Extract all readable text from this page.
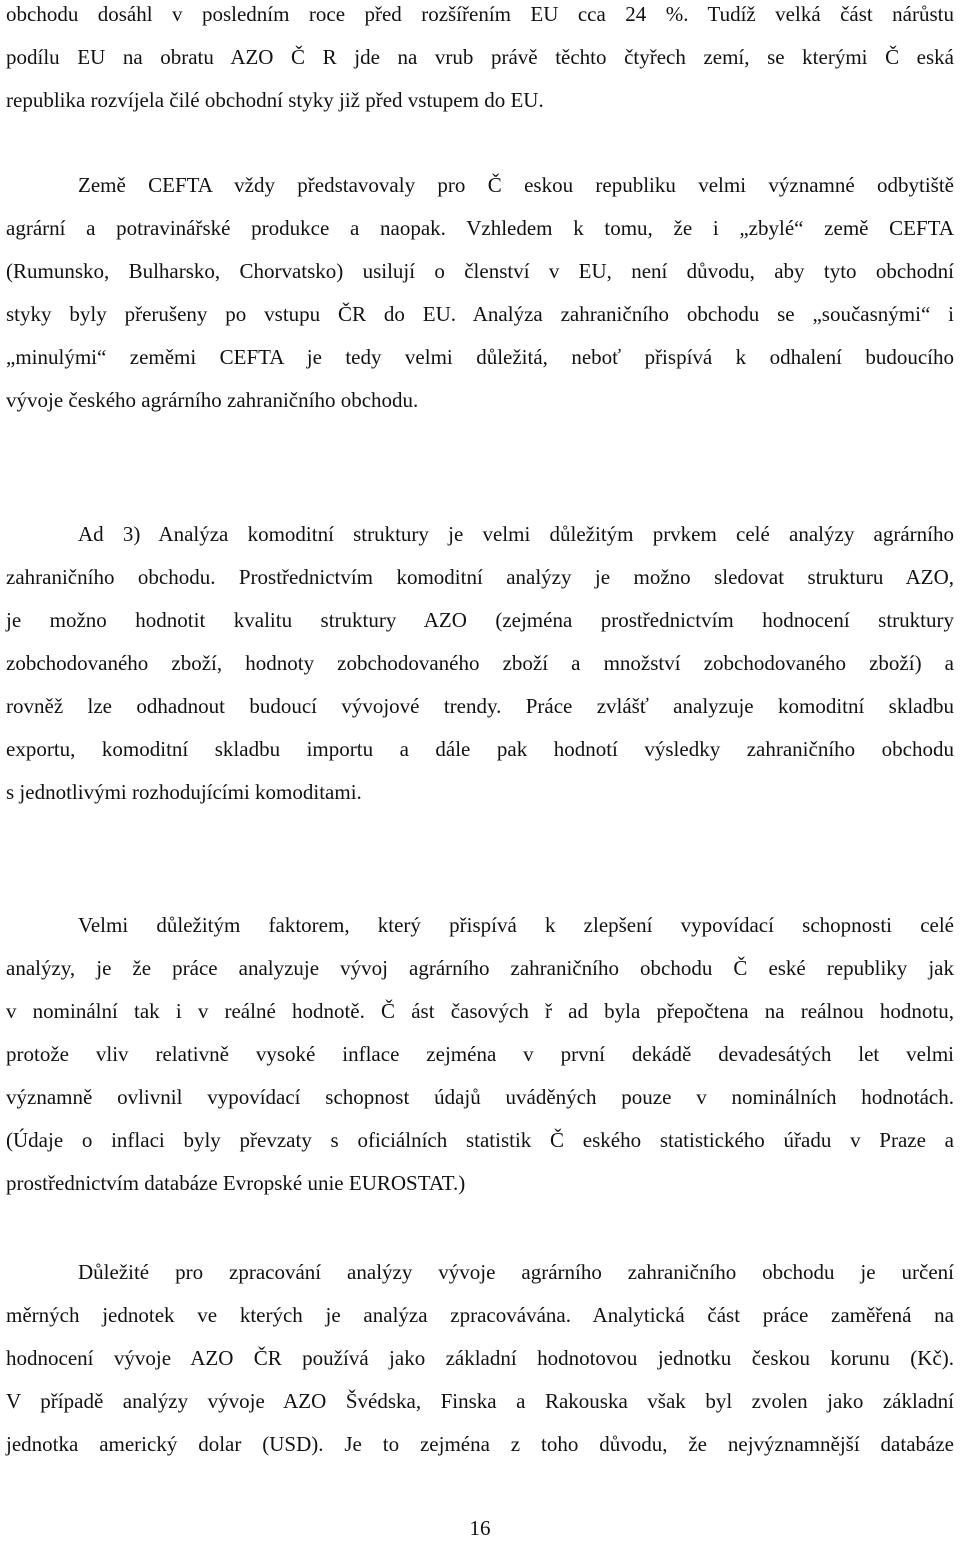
obchodu dosáhl v posledním roce před rozšířením EU cca 24 %. Tudíž velká část nárůstu
podílu EU na obratu AZO Č R jde na vrub právě těchto čtyřech zemí, se kterými Č eská
republika rozvíjela čilé obchodní styky již před vstupem do EU.
Země CEFTA vždy představovaly pro Č eskou republiku velmi významné odbytiště
agrární a potravinářské produkce a naopak. Vzhledem k tomu, že i „zbylé“ země CEFTA
(Rumunsko, Bulharsko, Chorvatsko) usilují o členství v EU, není důvodu, aby tyto obchodní
styky byly přerušeny po vstupu ČR do EU. Analýza zahraničního obchodu se „současnými“ i
„minulými“ zeměmi CEFTA je tedy velmi důležitá, neboť přispívá k odhalení budoucího
vývoje českého agrárního zahraničního obchodu.
Ad 3) Analýza komoditní struktury je velmi důležitým prvkem celé analýzy agrárního
zahraničního obchodu. Prostřednictvím komoditní analýzy je možno sledovat strukturu AZO,
je možno hodnotit kvalitu struktury AZO (zejména prostřednictvím hodnocení struktury
zobchodovaného zboží, hodnoty zobchodovaného zboží a množství zobchodovaného zboží) a
rovněž lze odhadnout budoucí vývojové trendy. Práce zvlášť analyzuje komoditní skladbu
exportu, komoditní skladbu importu a dále pak hodnotí výsledky zahraničního obchodu
s jednotlivými rozhodujícími komoditami.
Velmi důležitým faktorem, který přispívá k zlepšení vypovídací schopnosti celé
analýzy, je že práce analyzuje vývoj agrárního zahraničního obchodu Č eské republiky jak
v nominální tak i v reálné hodnotě. Č ást časových ř ad byla přepočtena na reálnou hodnotu,
protože vliv relativně vysoké inflace zejména v první dekádě devadesátých let velmi
významně ovlivnil vypovídací schopnost údajů uváděných pouze v nominálních hodnotách.
(Údaje o inflaci byly převzaty s oficiálních statistik Č eského statistického úřadu v Praze a
prostřednictvím databáze Evropské unie EUROSTAT.)
Důležité pro zpracování analýzy vývoje agrárního zahraničního obchodu je určení
měrných jednotek ve kterých je analýza zpracovávána. Analytická část práce zaměřená na
hodnocení vývoje AZO ČR používá jako základní hodnotovou jednotku českou korunu (Kč).
V případě analýzy vývoje AZO Švédska, Finska a Rakouska však byl zvolen jako základní
jednotka americký dolar (USD). Je to zejména z toho důvodu, že nejvýznamnější databáze
16
